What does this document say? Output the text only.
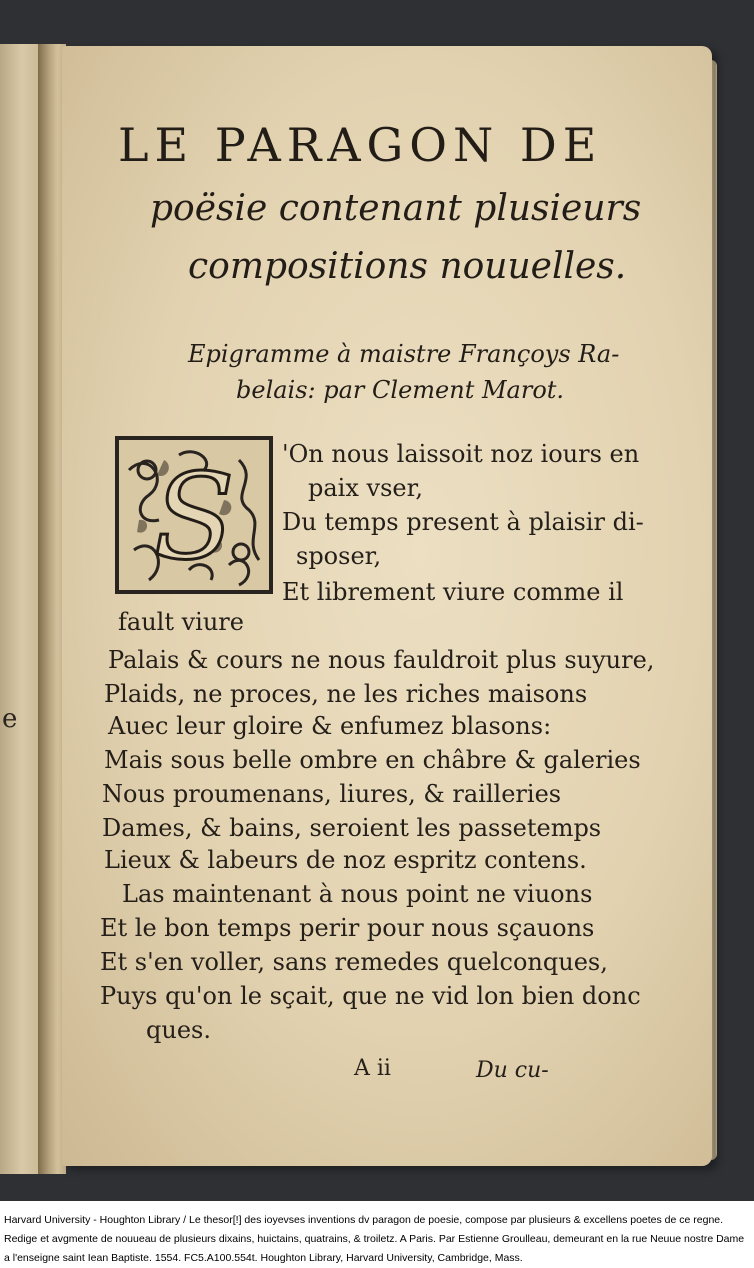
e
LE PARAGON DE
poësie contenant plusieurs
compositions nouuelles.
Epigramme à maistre Françoys Ra-
belais: par Clement Marot.
S 'On nous laissoit noz iours en
paix vser,
Du temps present à plaisir di-
sposer,
Et librement viure comme il
fault viure
Palais & cours ne nous fauldroit plus suyure,
Plaids, ne proces, ne les riches maisons
Auec leur gloire & enfumez blasons:
Mais sous belle ombre en châbre & galeries
Nous proumenans, liures, & railleries
Dames, & bains, seroient les passetemps
Lieux & labeurs de noz espritz contens.
Las maintenant à nous point ne viuons
Et le bon temps perir pour nous sçauons
Et s'en voller, sans remedes quelconques,
Puys qu'on le sçait, que ne vid lon bien donc
ques.
A ii	Du cu-
Harvard University - Houghton Library / Le thesor[!] des ioyevses inventions dv paragon de poesie, compose par plusieurs & excellens poetes de ce regne. Redige et avgmente de nouueau de plusieurs dixains, huictains, quatrains, & troiletz. A Paris. Par Estienne Groulleau, demeurant en la rue Neuue nostre Dame a l'enseigne saint Iean Baptiste. 1554. FC5.A100.554t. Houghton Library, Harvard University, Cambridge, Mass.
